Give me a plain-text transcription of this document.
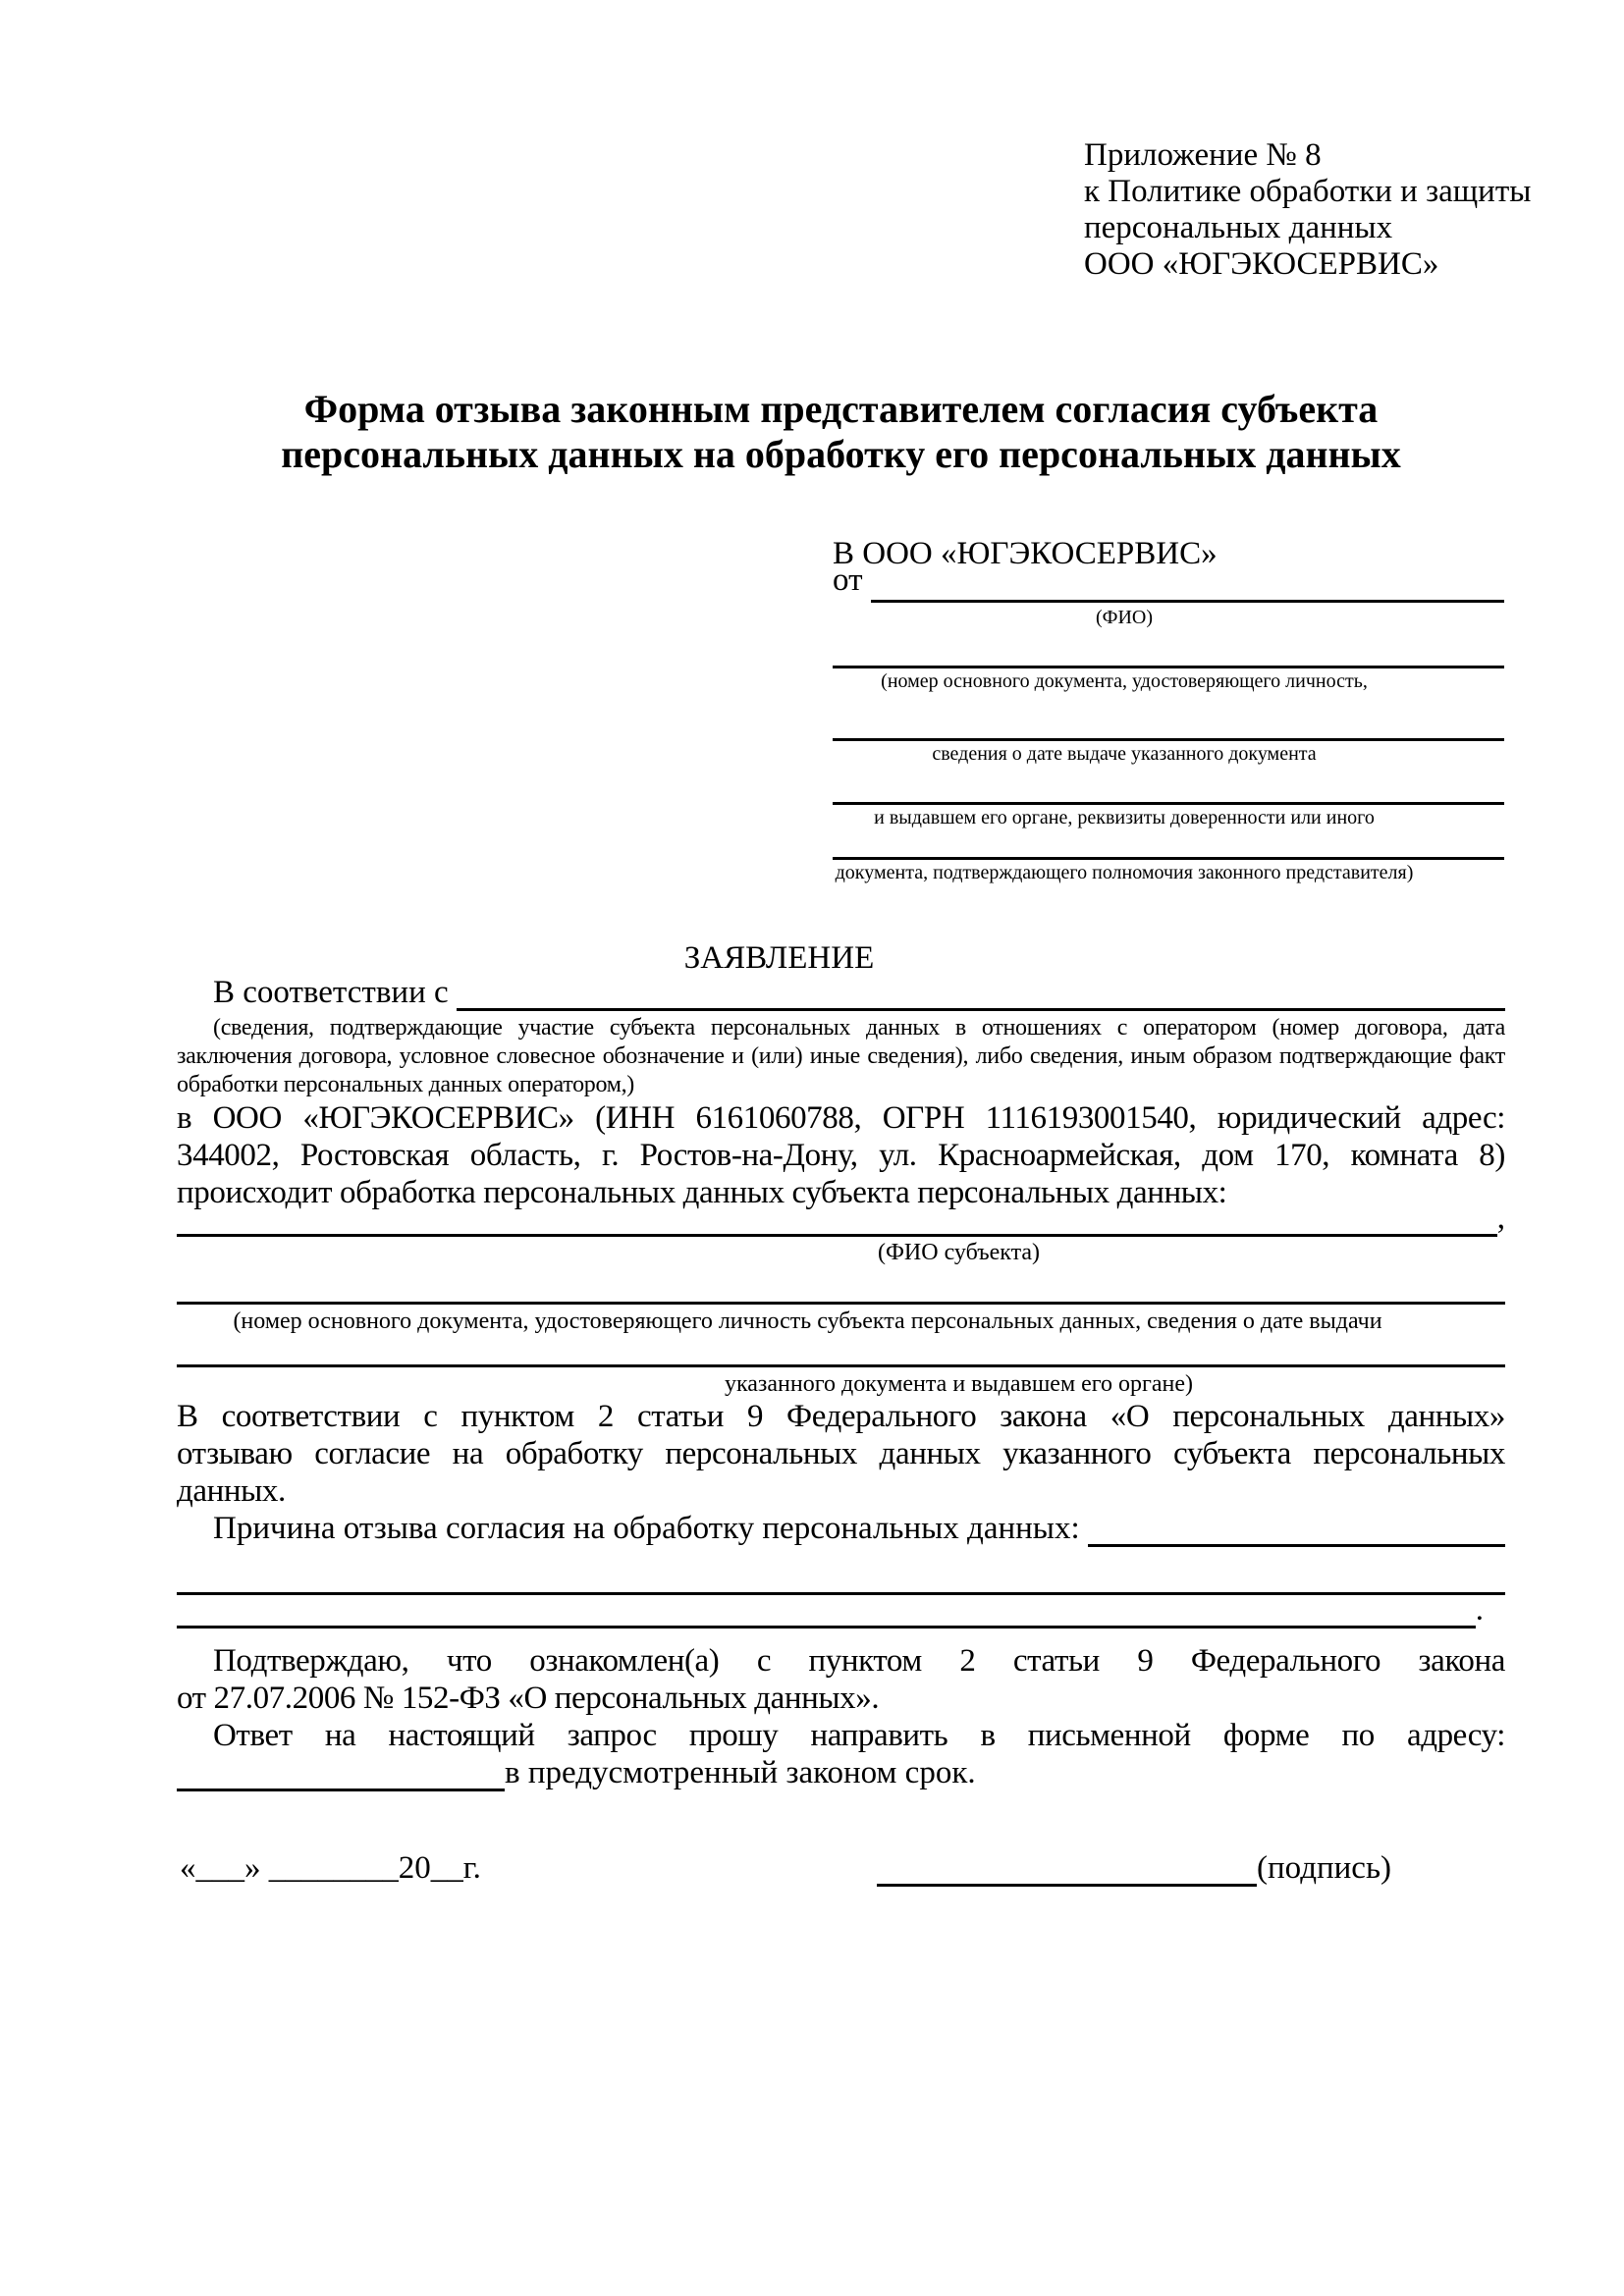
Приложение № 8
к Политике обработки и защиты
персональных данных
ООО «ЮГЭКОСЕРВИС»
Форма отзыва законным представителем согласия субъекта
персональных данных на обработку его персональных данных
В ООО «ЮГЭКОСЕРВИС»
от
(ФИО)
(номер основного документа, удостоверяющего личность,
сведения о дате выдаче указанного документа
и выдавшем его органе, реквизиты доверенности или иного
документа, подтверждающего полномочия законного представителя)
ЗАЯВЛЕНИЕ
В соответствии с
(сведения, подтверждающие участие субъекта персональных данных в отношениях с оператором (номер договора, дата
заключения договора, условное словесное обозначение и (или) иные сведения), либо сведения, иным образом подтверждающие факт
обработки персональных данных оператором,)
в ООО «ЮГЭКОСЕРВИС» (ИНН 6161060788, ОГРН 1116193001540, юридический адрес:
344002, Ростовская область, г. Ростов-на-Дону, ул. Красноармейская, дом 170, комната 8)
происходит обработка персональных данных субъекта персональных данных:
,
(ФИО субъекта)
(номер основного документа, удостоверяющего личность субъекта персональных данных, сведения о дате выдачи
указанного документа и выдавшем его органе)
В соответствии с пунктом 2 статьи 9 Федерального закона «О персональных данных»
отзываю согласие на обработку персональных данных указанного субъекта персональных
данных.
Причина отзыва согласия на обработку персональных данных:
.
Подтверждаю, что ознакомлен(а) с пунктом 2 статьи 9 Федерального закона
от 27.07.2006 № 152-ФЗ «О персональных данных».
Ответ на настоящий запрос прошу направить в письменной форме по адресу:
в предусмотренный законом срок.
«___» ________20__г.	(подпись)
